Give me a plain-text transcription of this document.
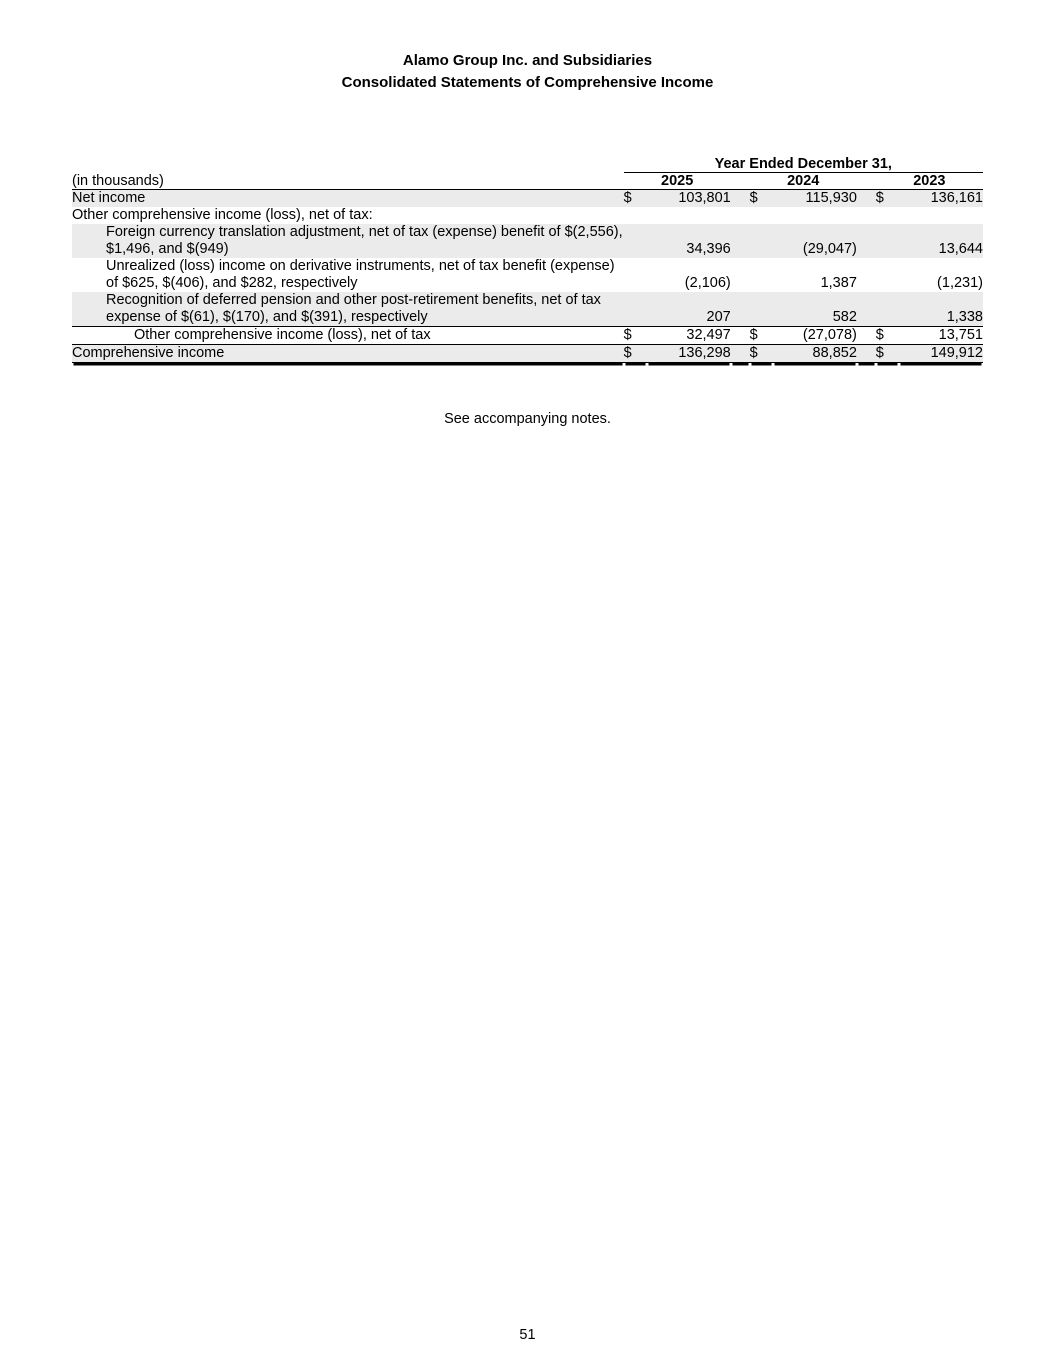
Alamo Group Inc. and Subsidiaries
Consolidated Statements of Comprehensive Income
	Year Ended December 31,							
(in thousands)	2025			2024			2023	

Net income	$	103,801		$	115,930		$	136,161
Other comprehensive income (loss), net of tax:								
Foreign currency translation adjustment, net of tax (expense) benefit of $(2,556), $1,496, and $(949)		34,396			(29,047)			13,644
Unrealized (loss) income on derivative instruments, net of tax benefit (expense) of $625, $(406), and $282, respectively		(2,106)			1,387			(1,231)
Recognition of deferred pension and other post-retirement benefits, net of tax expense of $(61), $(170), and $(391), respectively		207			582			1,338
Other comprehensive income (loss), net of tax	$	32,497		$	(27,078)		$	13,751
Comprehensive income	$	136,298		$	88,852		$	149,912
See accompanying notes.
51
